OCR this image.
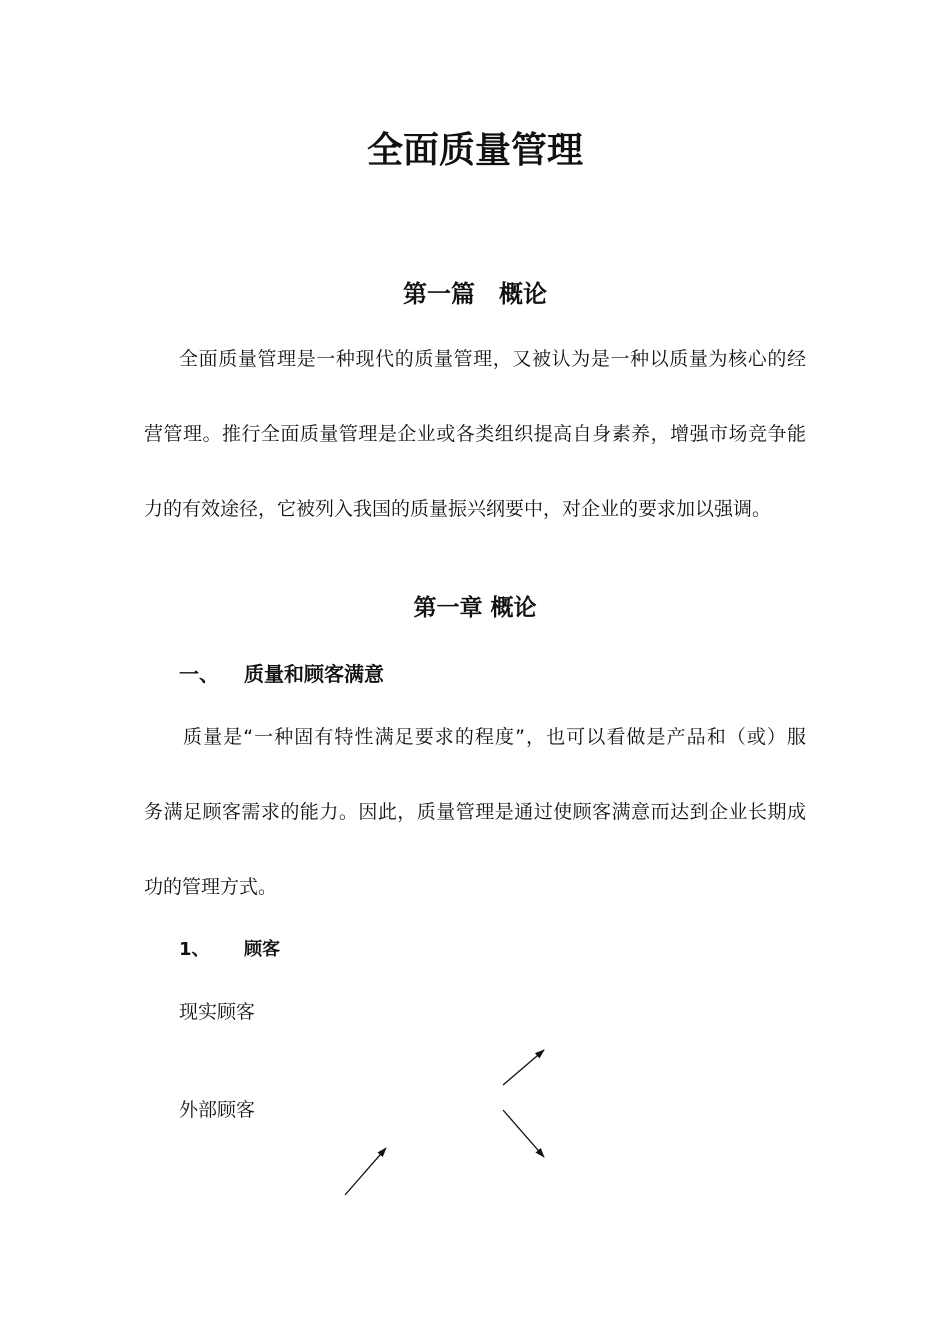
全面质量管理
第一篇　概论
全面质量管理是一种现代的质量管理，又被认为是一种以质量为核心的经
营管理。推行全面质量管理是企业或各类组织提高自身素养，增强市场竞争能
力的有效途径，它被列入我国的质量振兴纲要中，对企业的要求加以强调。
第一章 概论
一、 质量和顾客满意
质量是“一种固有特性满足要求的程度”，也可以看做是产品和（或）服
务满足顾客需求的能力。因此，质量管理是通过使顾客满意而达到企业长期成
功的管理方式。
1、 顾客
现实顾客
外部顾客
